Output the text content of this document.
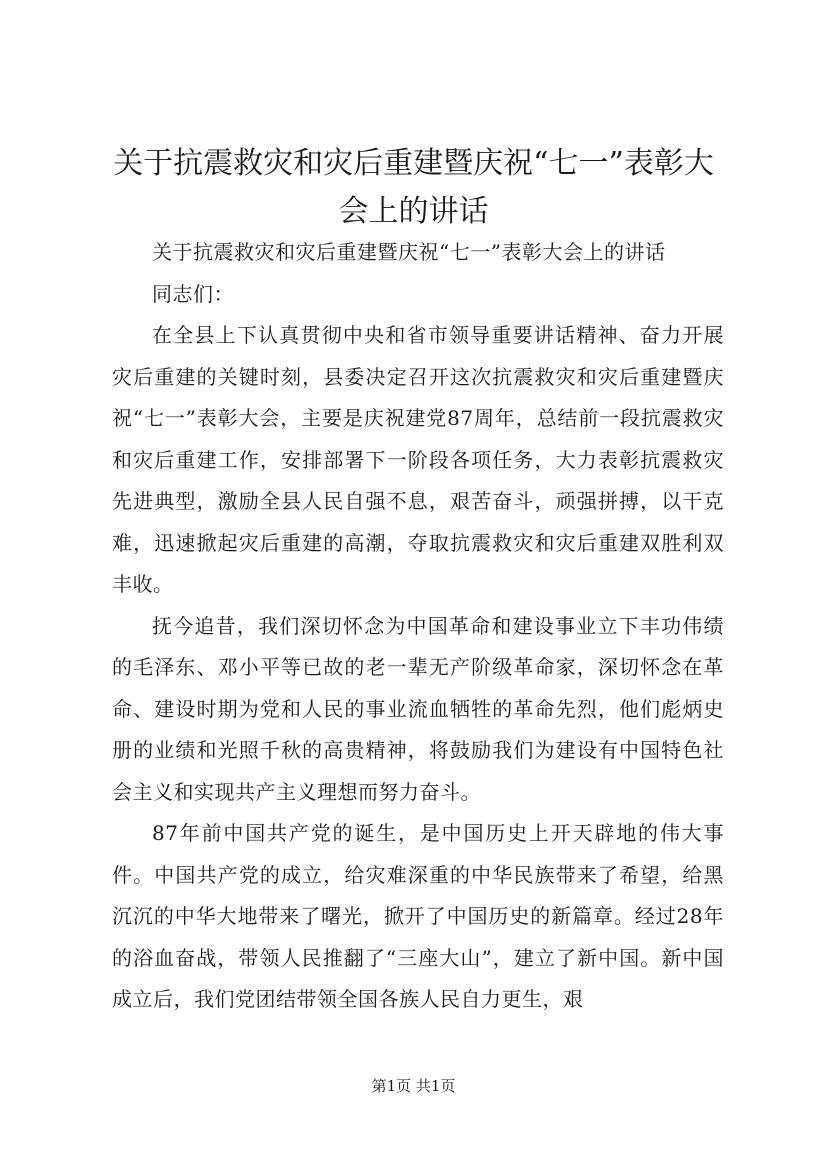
关于抗震救灾和灾后重建暨庆祝“七一”表彰大会上的讲话

关于抗震救灾和灾后重建暨庆祝“七一”表彰大会上的讲话

同志们：

在全县上下认真贯彻中央和省市领导重要讲话精神、奋力开展灾后重建的关键时刻，县委决定召开这次抗震救灾和灾后重建暨庆祝“七一”表彰大会，主要是庆祝建党87周年，总结前一段抗震救灾和灾后重建工作，安排部署下一阶段各项任务，大力表彰抗震救灾先进典型，激励全县人民自强不息，艰苦奋斗，顽强拼搏，以干克难，迅速掀起灾后重建的高潮，夺取抗震救灾和灾后重建双胜利双丰收。

抚今追昔，我们深切怀念为中国革命和建设事业立下丰功伟绩的毛泽东、邓小平等已故的老一辈无产阶级革命家，深切怀念在革命、建设时期为党和人民的事业流血牺牲的革命先烈，他们彪炳史册的业绩和光照千秋的高贵精神，将鼓励我们为建设有中国特色社会主义和实现共产主义理想而努力奋斗。

87年前中国共产党的诞生，是中国历史上开天辟地的伟大事件。中国共产党的成立，给灾难深重的中华民族带来了希望，给黑沉沉的中华大地带来了曙光，掀开了中国历史的新篇章。经过28年的浴血奋战，带领人民推翻了“三座大山”，建立了新中国。新中国成立后，我们党团结带领全国各族人民自力更生，艰

第1页 共1页
